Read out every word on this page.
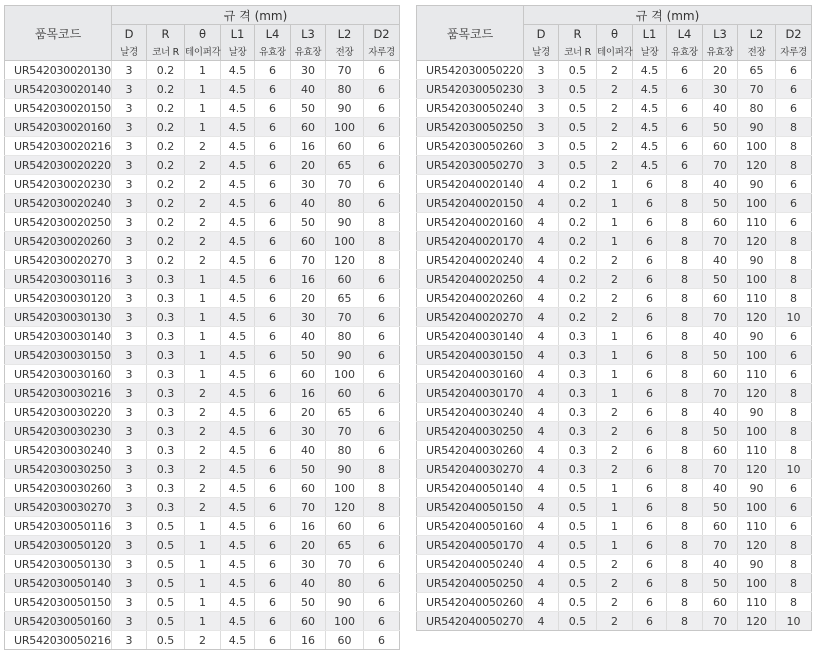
품목코드	규 격 (mm)							
	D	R	θ	L1	L4	L3	L2	D2
	날경	코너 R	테이퍼각	날장	유효장	유효장	전장	자루경
UR542030020130	3	0.2	1	4.5	6	30	70	6
UR542030020140	3	0.2	1	4.5	6	40	80	6
UR542030020150	3	0.2	1	4.5	6	50	90	6
UR542030020160	3	0.2	1	4.5	6	60	100	6
UR542030020216	3	0.2	2	4.5	6	16	60	6
UR542030020220	3	0.2	2	4.5	6	20	65	6
UR542030020230	3	0.2	2	4.5	6	30	70	6
UR542030020240	3	0.2	2	4.5	6	40	80	6
UR542030020250	3	0.2	2	4.5	6	50	90	8
UR542030020260	3	0.2	2	4.5	6	60	100	8
UR542030020270	3	0.2	2	4.5	6	70	120	8
UR542030030116	3	0.3	1	4.5	6	16	60	6
UR542030030120	3	0.3	1	4.5	6	20	65	6
UR542030030130	3	0.3	1	4.5	6	30	70	6
UR542030030140	3	0.3	1	4.5	6	40	80	6
UR542030030150	3	0.3	1	4.5	6	50	90	6
UR542030030160	3	0.3	1	4.5	6	60	100	6
UR542030030216	3	0.3	2	4.5	6	16	60	6
UR542030030220	3	0.3	2	4.5	6	20	65	6
UR542030030230	3	0.3	2	4.5	6	30	70	6
UR542030030240	3	0.3	2	4.5	6	40	80	6
UR542030030250	3	0.3	2	4.5	6	50	90	8
UR542030030260	3	0.3	2	4.5	6	60	100	8
UR542030030270	3	0.3	2	4.5	6	70	120	8
UR542030050116	3	0.5	1	4.5	6	16	60	6
UR542030050120	3	0.5	1	4.5	6	20	65	6
UR542030050130	3	0.5	1	4.5	6	30	70	6
UR542030050140	3	0.5	1	4.5	6	40	80	6
UR542030050150	3	0.5	1	4.5	6	50	90	6
UR542030050160	3	0.5	1	4.5	6	60	100	6
UR542030050216	3	0.5	2	4.5	6	16	60	6
품목코드	규 격 (mm)							
	D	R	θ	L1	L4	L3	L2	D2
	날경	코너 R	테이퍼각	날장	유효장	유효장	전장	자루경
UR542030050220	3	0.5	2	4.5	6	20	65	6
UR542030050230	3	0.5	2	4.5	6	30	70	6
UR542030050240	3	0.5	2	4.5	6	40	80	6
UR542030050250	3	0.5	2	4.5	6	50	90	8
UR542030050260	3	0.5	2	4.5	6	60	100	8
UR542030050270	3	0.5	2	4.5	6	70	120	8
UR542040020140	4	0.2	1	6	8	40	90	6
UR542040020150	4	0.2	1	6	8	50	100	6
UR542040020160	4	0.2	1	6	8	60	110	6
UR542040020170	4	0.2	1	6	8	70	120	8
UR542040020240	4	0.2	2	6	8	40	90	8
UR542040020250	4	0.2	2	6	8	50	100	8
UR542040020260	4	0.2	2	6	8	60	110	8
UR542040020270	4	0.2	2	6	8	70	120	10
UR542040030140	4	0.3	1	6	8	40	90	6
UR542040030150	4	0.3	1	6	8	50	100	6
UR542040030160	4	0.3	1	6	8	60	110	6
UR542040030170	4	0.3	1	6	8	70	120	8
UR542040030240	4	0.3	2	6	8	40	90	8
UR542040030250	4	0.3	2	6	8	50	100	8
UR542040030260	4	0.3	2	6	8	60	110	8
UR542040030270	4	0.3	2	6	8	70	120	10
UR542040050140	4	0.5	1	6	8	40	90	6
UR542040050150	4	0.5	1	6	8	50	100	6
UR542040050160	4	0.5	1	6	8	60	110	6
UR542040050170	4	0.5	1	6	8	70	120	8
UR542040050240	4	0.5	2	6	8	40	90	8
UR542040050250	4	0.5	2	6	8	50	100	8
UR542040050260	4	0.5	2	6	8	60	110	8
UR542040050270	4	0.5	2	6	8	70	120	10
